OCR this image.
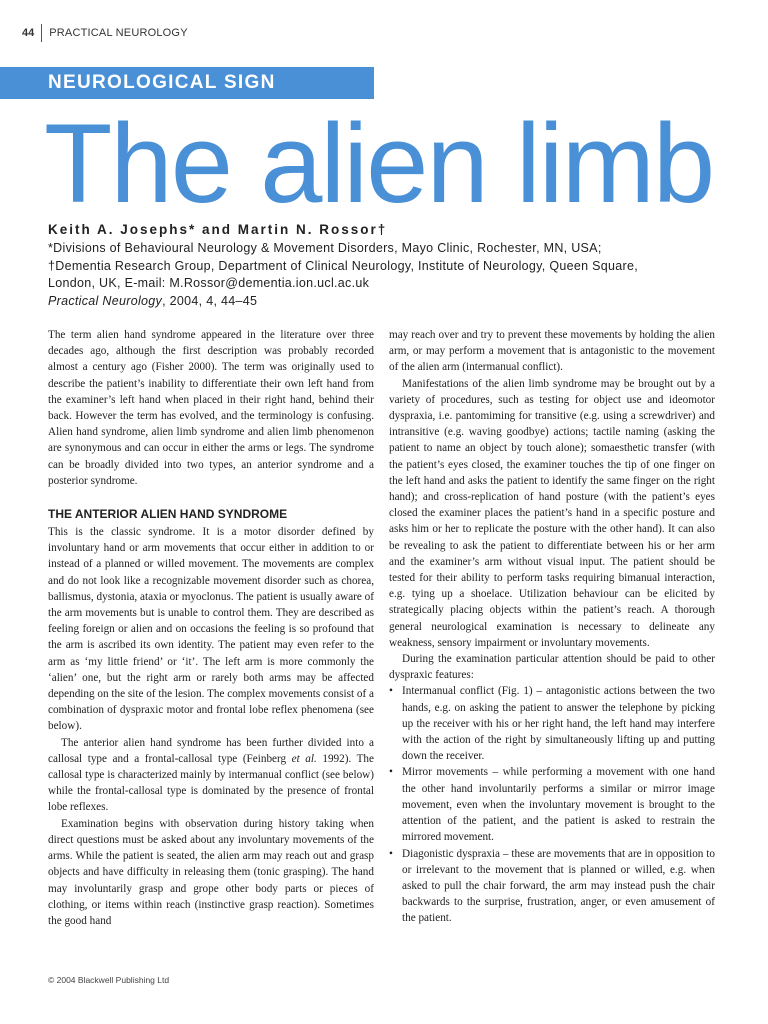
44 PRACTICAL NEUROLOGY
NEUROLOGICAL SIGN
The alien limb
Keith A. Josephs* and Martin N. Rossor†
*Divisions of Behavioural Neurology & Movement Disorders, Mayo Clinic, Rochester, MN, USA;
†Dementia Research Group, Department of Clinical Neurology, Institute of Neurology, Queen Square,
London, UK, E-mail: M.Rossor@dementia.ion.ucl.ac.uk
Practical Neurology, 2004, 4, 44–45

The term alien hand syndrome appeared in the literature over three decades ago, although the first description was probably recorded almost a century ago (Fisher 2000). The term was originally used to describe the patient’s inability to differentiate their own left hand from the examiner’s left hand when placed in their right hand, behind their back. However the term has evolved, and the terminology is confusing. Alien hand syndrome, alien limb syndrome and alien limb phenomenon are synonymous and can occur in either the arms or legs. The syndrome can be broadly divided into two types, an anterior syndrome and a posterior syndrome.

THE ANTERIOR ALIEN HAND SYNDROME

This is the classic syndrome. It is a motor disorder defined by involuntary hand or arm movements that occur either in addition to or instead of a planned or willed movement. The movements are complex and do not look like a recognizable movement disorder such as chorea, ballismus, dystonia, ataxia or myoclonus. The patient is usually aware of the arm movements but is unable to control them. They are described as feeling foreign or alien and on occasions the feeling is so profound that the arm is ascribed its own identity. The patient may even refer to the arm as ‘my little friend’ or ‘it’. The left arm is more commonly the ‘alien’ one, but the right arm or rarely both arms may be affected depending on the site of the lesion. The complex movements consist of a combination of dyspraxic motor and frontal lobe reflex phenomena (see below).

The anterior alien hand syndrome has been further divided into a callosal type and a frontal-callosal type (Feinberg et al. 1992). The callosal type is characterized mainly by intermanual conflict (see below) while the frontal-callosal type is dominated by the presence of frontal lobe reflexes.

Examination begins with observation during history taking when direct questions must be asked about any involuntary movements of the arms. While the patient is seated, the alien arm may reach out and grasp objects and have difficulty in releasing them (tonic grasping). The hand may involuntarily grasp and grope other body parts or pieces of clothing, or items within reach (instinctive grasp reaction). Sometimes the good hand

may reach over and try to prevent these movements by holding the alien arm, or may perform a movement that is antagonistic to the movement of the alien arm (intermanual conflict).

Manifestations of the alien limb syndrome may be brought out by a variety of procedures, such as testing for object use and ideomotor dyspraxia, i.e. pantomiming for transitive (e.g. using a screwdriver) and intransitive (e.g. waving goodbye) actions; tactile naming (asking the patient to name an object by touch alone); somaesthetic transfer (with the patient’s eyes closed, the examiner touches the tip of one finger on the left hand and asks the patient to identify the same finger on the right hand); and cross-replication of hand posture (with the patient’s eyes closed the examiner places the patient’s hand in a specific posture and asks him or her to replicate the posture with the other hand). It can also be revealing to ask the patient to differentiate between his or her arm and the examiner’s arm without visual input. The patient should be tested for their ability to perform tasks requiring bimanual interaction, e.g. tying up a shoelace. Utilization behaviour can be elicited by strategically placing objects within the patient’s reach. A thorough general neurological examination is necessary to delineate any weakness, sensory impairment or involuntary movements.

During the examination particular attention should be paid to other dyspraxic features:

• Intermanual conflict (Fig. 1) – antagonistic actions between the two hands, e.g. on asking the patient to answer the telephone by picking up the receiver with his or her right hand, the left hand may interfere with the action of the right by simultaneously lifting up and putting down the receiver.
• Mirror movements – while performing a movement with one hand the other hand involuntarily performs a similar or mirror image movement, even when the involuntary movement is brought to the attention of the patient, and the patient is asked to restrain the mirrored movement.
• Diagonistic dyspraxia – these are movements that are in opposition to or irrelevant to the movement that is planned or willed, e.g. when asked to pull the chair forward, the arm may instead push the chair backwards to the surprise, frustration, anger, or even amusement of the patient.
© 2004 Blackwell Publishing Ltd
